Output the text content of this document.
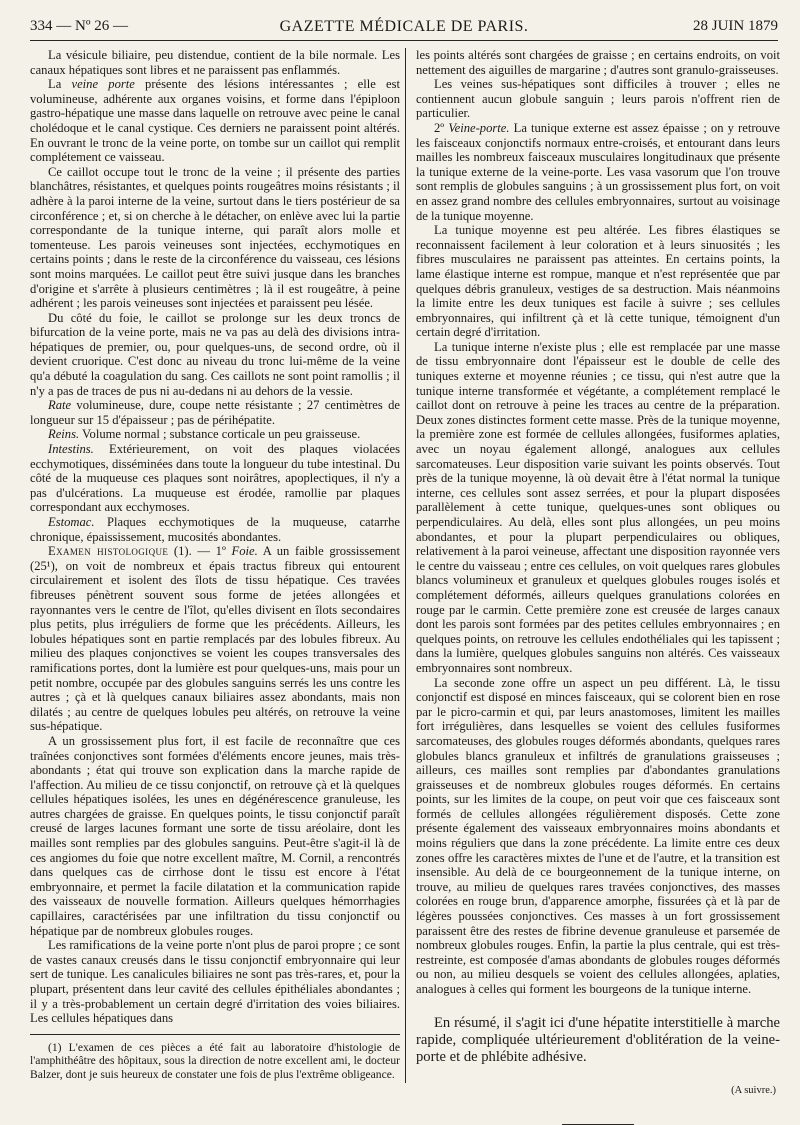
334 — Nº 26 —	GAZETTE MÉDICALE DE PARIS.	28 JUIN 1879

La vésicule biliaire, peu distendue, contient de la bile normale. Les canaux hépatiques sont libres et ne paraissent pas enflammés.

La veine porte présente des lésions intéressantes ; elle est volumineuse, adhérente aux organes voisins, et forme dans l'épiploon gastro-hépatique une masse dans laquelle on retrouve avec peine le canal cholédoque et le canal cystique. Ces derniers ne paraissent point altérés. En ouvrant le tronc de la veine porte, on tombe sur un caillot qui remplit complétement ce vaisseau.

Ce caillot occupe tout le tronc de la veine ; il présente des parties blanchâtres, résistantes, et quelques points rougeâtres moins résistants ; il adhère à la paroi interne de la veine, surtout dans le tiers postérieur de sa circonférence ; et, si on cherche à le détacher, on enlève avec lui la partie correspondante de la tunique interne, qui paraît alors molle et tomenteuse. Les parois veineuses sont injectées, ecchymotiques en certains points ; dans le reste de la circonférence du vaisseau, ces lésions sont moins marquées. Le caillot peut être suivi jusque dans les branches d'origine et s'arrête à plusieurs centimètres ; là il est rougeâtre, à peine adhérent ; les parois veineuses sont injectées et paraissent peu lésée.

Du côté du foie, le caillot se prolonge sur les deux troncs de bifurcation de la veine porte, mais ne va pas au delà des divisions intra-hépatiques de premier, ou, pour quelques-uns, de second ordre, où il devient cruorique. C'est donc au niveau du tronc lui-même de la veine qu'a débuté la coagulation du sang. Ces caillots ne sont point ramollis ; il n'y a pas de traces de pus ni au-dedans ni au dehors de la vessie.

Rate volumineuse, dure, coupe nette résistante ; 27 centimètres de longueur sur 15 d'épaisseur ; pas de périhépatite.

Reins. Volume normal ; substance corticale un peu graisseuse.

Intestins. Extérieurement, on voit des plaques violacées ecchymotiques, disséminées dans toute la longueur du tube intestinal. Du côté de la muqueuse ces plaques sont noirâtres, apoplectiques, il n'y a pas d'ulcérations. La muqueuse est érodée, ramollie par plaques correspondant aux ecchymoses.

Estomac. Plaques ecchymotiques de la muqueuse, catarrhe chronique, épaississement, mucosités abondantes.

Examen histologique (1). — 1º Foie. A un faible grossissement (25¹), on voit de nombreux et épais tractus fibreux qui entourent circulairement et isolent des îlots de tissu hépatique. Ces travées fibreuses pénètrent souvent sous forme de jetées allongées et rayonnantes vers le centre de l'îlot, qu'elles divisent en îlots secondaires plus petits, plus irréguliers de forme que les précédents. Ailleurs, les lobules hépatiques sont en partie remplacés par des lobules fibreux. Au milieu des plaques conjonctives se voient les coupes transversales des ramifications portes, dont la lumière est pour quelques-uns, mais pour un petit nombre, occupée par des globules sanguins serrés les uns contre les autres ; çà et là quelques canaux biliaires assez abondants, mais non dilatés ; au centre de quelques lobules peu altérés, on retrouve la veine sus-hépatique.

A un grossissement plus fort, il est facile de reconnaître que ces traînées conjonctives sont formées d'éléments encore jeunes, mais très-abondants ; état qui trouve son explication dans la marche rapide de l'affection. Au milieu de ce tissu conjonctif, on retrouve çà et là quelques cellules hépatiques isolées, les unes en dégénérescence granuleuse, les autres chargées de graisse. En quelques points, le tissu conjonctif paraît creusé de larges lacunes formant une sorte de tissu aréolaire, dont les mailles sont remplies par des globules sanguins. Peut-être s'agit-il là de ces angiomes du foie que notre excellent maître, M. Cornil, a rencontrés dans quelques cas de cirrhose dont le tissu est encore à l'état embryonnaire, et permet la facile dilatation et la communication rapide des vaisseaux de nouvelle formation. Ailleurs quelques hémorrhagies capillaires, caractérisées par une infiltration du tissu conjonctif ou hépatique par de nombreux globules rouges.

Les ramifications de la veine porte n'ont plus de paroi propre ; ce sont de vastes canaux creusés dans le tissu conjonctif embryonnaire qui leur sert de tunique. Les canalicules biliaires ne sont pas très-rares, et, pour la plupart, présentent dans leur cavité des cellules épithéliales abondantes ; il y a très-probablement un certain degré d'irritation des voies biliaires. Les cellules hépatiques dans

(1) L'examen de ces pièces a été fait au laboratoire d'histologie de l'amphithéâtre des hôpitaux, sous la direction de notre excellent ami, le docteur Balzer, dont je suis heureux de constater une fois de plus l'extrême obligeance.

les points altérés sont chargées de graisse ; en certains endroits, on voit nettement des aiguilles de margarine ; d'autres sont granulo-graisseuses.

Les veines sus-hépatiques sont difficiles à trouver ; elles ne contiennent aucun globule sanguin ; leurs parois n'offrent rien de particulier.

2º Veine-porte. La tunique externe est assez épaisse ; on y retrouve les faisceaux conjonctifs normaux entre-croisés, et entourant dans leurs mailles les nombreux faisceaux musculaires longitudinaux que présente la tunique externe de la veine-porte. Les vasa vasorum que l'on trouve sont remplis de globules sanguins ; à un grossissement plus fort, on voit en assez grand nombre des cellules embryonnaires, surtout au voisinage de la tunique moyenne.

La tunique moyenne est peu altérée. Les fibres élastiques se reconnaissent facilement à leur coloration et à leurs sinuosités ; les fibres musculaires ne paraissent pas atteintes. En certains points, la lame élastique interne est rompue, manque et n'est représentée que par quelques débris granuleux, vestiges de sa destruction. Mais néanmoins la limite entre les deux tuniques est facile à suivre ; ses cellules embryonnaires, qui infiltrent çà et là cette tunique, témoignent d'un certain degré d'irritation.

La tunique interne n'existe plus ; elle est remplacée par une masse de tissu embryonnaire dont l'épaisseur est le double de celle des tuniques externe et moyenne réunies ; ce tissu, qui n'est autre que la tunique interne transformée et végétante, a complétement remplacé le caillot dont on retrouve à peine les traces au centre de la préparation. Deux zones distinctes forment cette masse. Près de la tunique moyenne, la première zone est formée de cellules allongées, fusiformes aplaties, avec un noyau également allongé, analogues aux cellules sarcomateuses. Leur disposition varie suivant les points observés. Tout près de la tunique moyenne, là où devait être à l'état normal la tunique interne, ces cellules sont assez serrées, et pour la plupart disposées parallèlement à cette tunique, quelques-unes sont obliques ou perpendiculaires. Au delà, elles sont plus allongées, un peu moins abondantes, et pour la plupart perpendiculaires ou obliques, relativement à la paroi veineuse, affectant une disposition rayonnée vers le centre du vaisseau ; entre ces cellules, on voit quelques rares globules blancs volumineux et granuleux et quelques globules rouges isolés et complétement déformés, ailleurs quelques granulations colorées en rouge par le carmin. Cette première zone est creusée de larges canaux dont les parois sont formées par des petites cellules embryonnaires ; en quelques points, on retrouve les cellules endothéliales qui les tapissent ; dans la lumière, quelques globules sanguins non altérés. Ces vaisseaux embryonnaires sont nombreux.

La seconde zone offre un aspect un peu différent. Là, le tissu conjonctif est disposé en minces faisceaux, qui se colorent bien en rose par le picro-carmin et qui, par leurs anastomoses, limitent les mailles fort irrégulières, dans lesquelles se voient des cellules fusiformes sarcomateuses, des globules rouges déformés abondants, quelques rares globules blancs granuleux et infiltrés de granulations graisseuses ; ailleurs, ces mailles sont remplies par d'abondantes granulations graisseuses et de nombreux globules rouges déformés. En certains points, sur les limites de la coupe, on peut voir que ces faisceaux sont formés de cellules allongées régulièrement disposés. Cette zone présente également des vaisseaux embryonnaires moins abondants et moins réguliers que dans la zone précédente. La limite entre ces deux zones offre les caractères mixtes de l'une et de l'autre, et la transition est insensible. Au delà de ce bourgeonnement de la tunique interne, on trouve, au milieu de quelques rares travées conjonctives, des masses colorées en rouge brun, d'apparence amorphe, fissurées çà et là par de légères poussées conjonctives. Ces masses à un fort grossissement paraissent être des restes de fibrine devenue granuleuse et parsemée de nombreux globules rouges. Enfin, la partie la plus centrale, qui est très-restreinte, est composée d'amas abondants de globules rouges déformés ou non, au milieu desquels se voient des cellules allongées, aplaties, analogues à celles qui forment les bourgeons de la tunique interne.

En résumé, il s'agit ici d'une hépatite interstitielle à marche rapide, compliquée ultérieurement d'oblitération de la veine-porte et de phlébite adhésive.

(A suivre.)
